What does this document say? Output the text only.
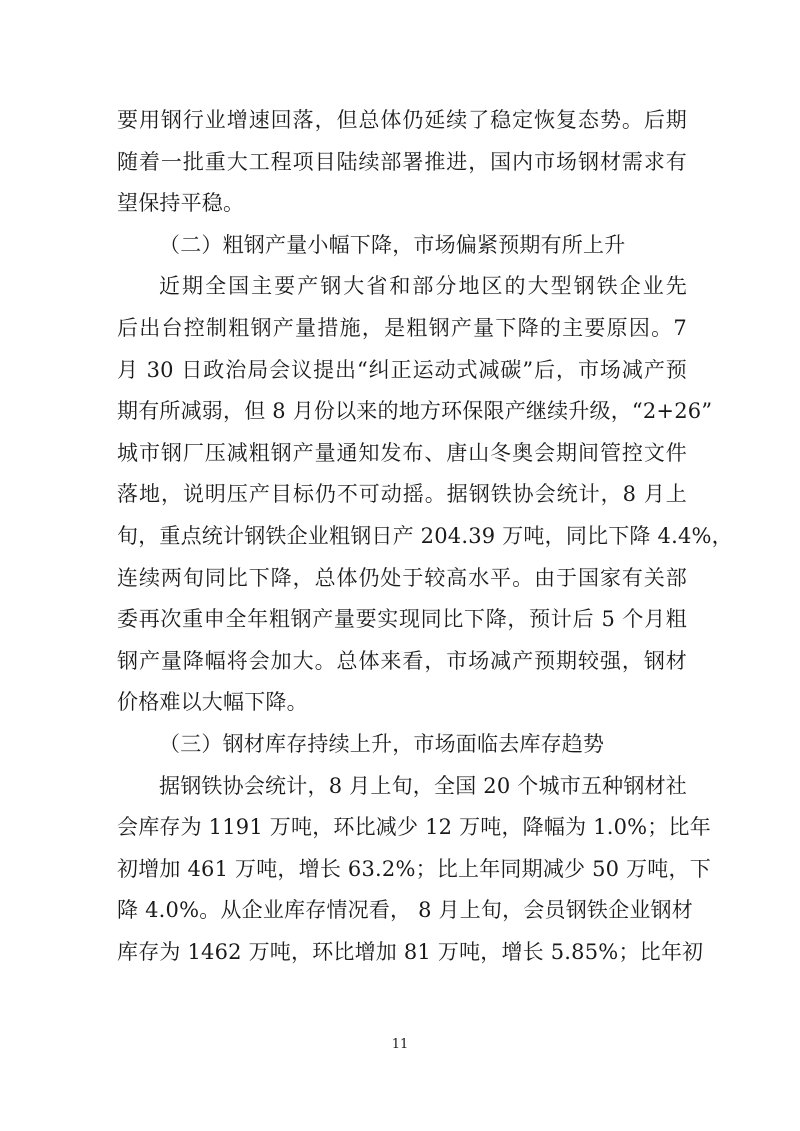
要用钢行业增速回落，但总体仍延续了稳定恢复态势。后期
随着一批重大工程项目陆续部署推进，国内市场钢材需求有
望保持平稳。

（二）粗钢产量小幅下降，市场偏紧预期有所上升

近期全国主要产钢大省和部分地区的大型钢铁企业先
后出台控制粗钢产量措施，是粗钢产量下降的主要原因。7
月 30 日政治局会议提出“纠正运动式减碳”后，市场减产预
期有所减弱，但 8 月份以来的地方环保限产继续升级，“2+26”
城市钢厂压减粗钢产量通知发布、唐山冬奥会期间管控文件
落地，说明压产目标仍不可动摇。据钢铁协会统计，8 月上
旬，重点统计钢铁企业粗钢日产 204.39 万吨，同比下降 4.4%，
连续两旬同比下降，总体仍处于较高水平。由于国家有关部
委再次重申全年粗钢产量要实现同比下降，预计后 5 个月粗
钢产量降幅将会加大。总体来看，市场减产预期较强，钢材
价格难以大幅下降。

（三）钢材库存持续上升，市场面临去库存趋势

据钢铁协会统计，8 月上旬，全国 20 个城市五种钢材社
会库存为 1191 万吨，环比减少 12 万吨，降幅为 1.0%；比年
初增加 461 万吨，增长 63.2%；比上年同期减少 50 万吨，下
降 4.0%。从企业库存情况看， 8 月上旬，会员钢铁企业钢材
库存为 1462 万吨，环比增加 81 万吨，增长 5.85%；比年初

11
